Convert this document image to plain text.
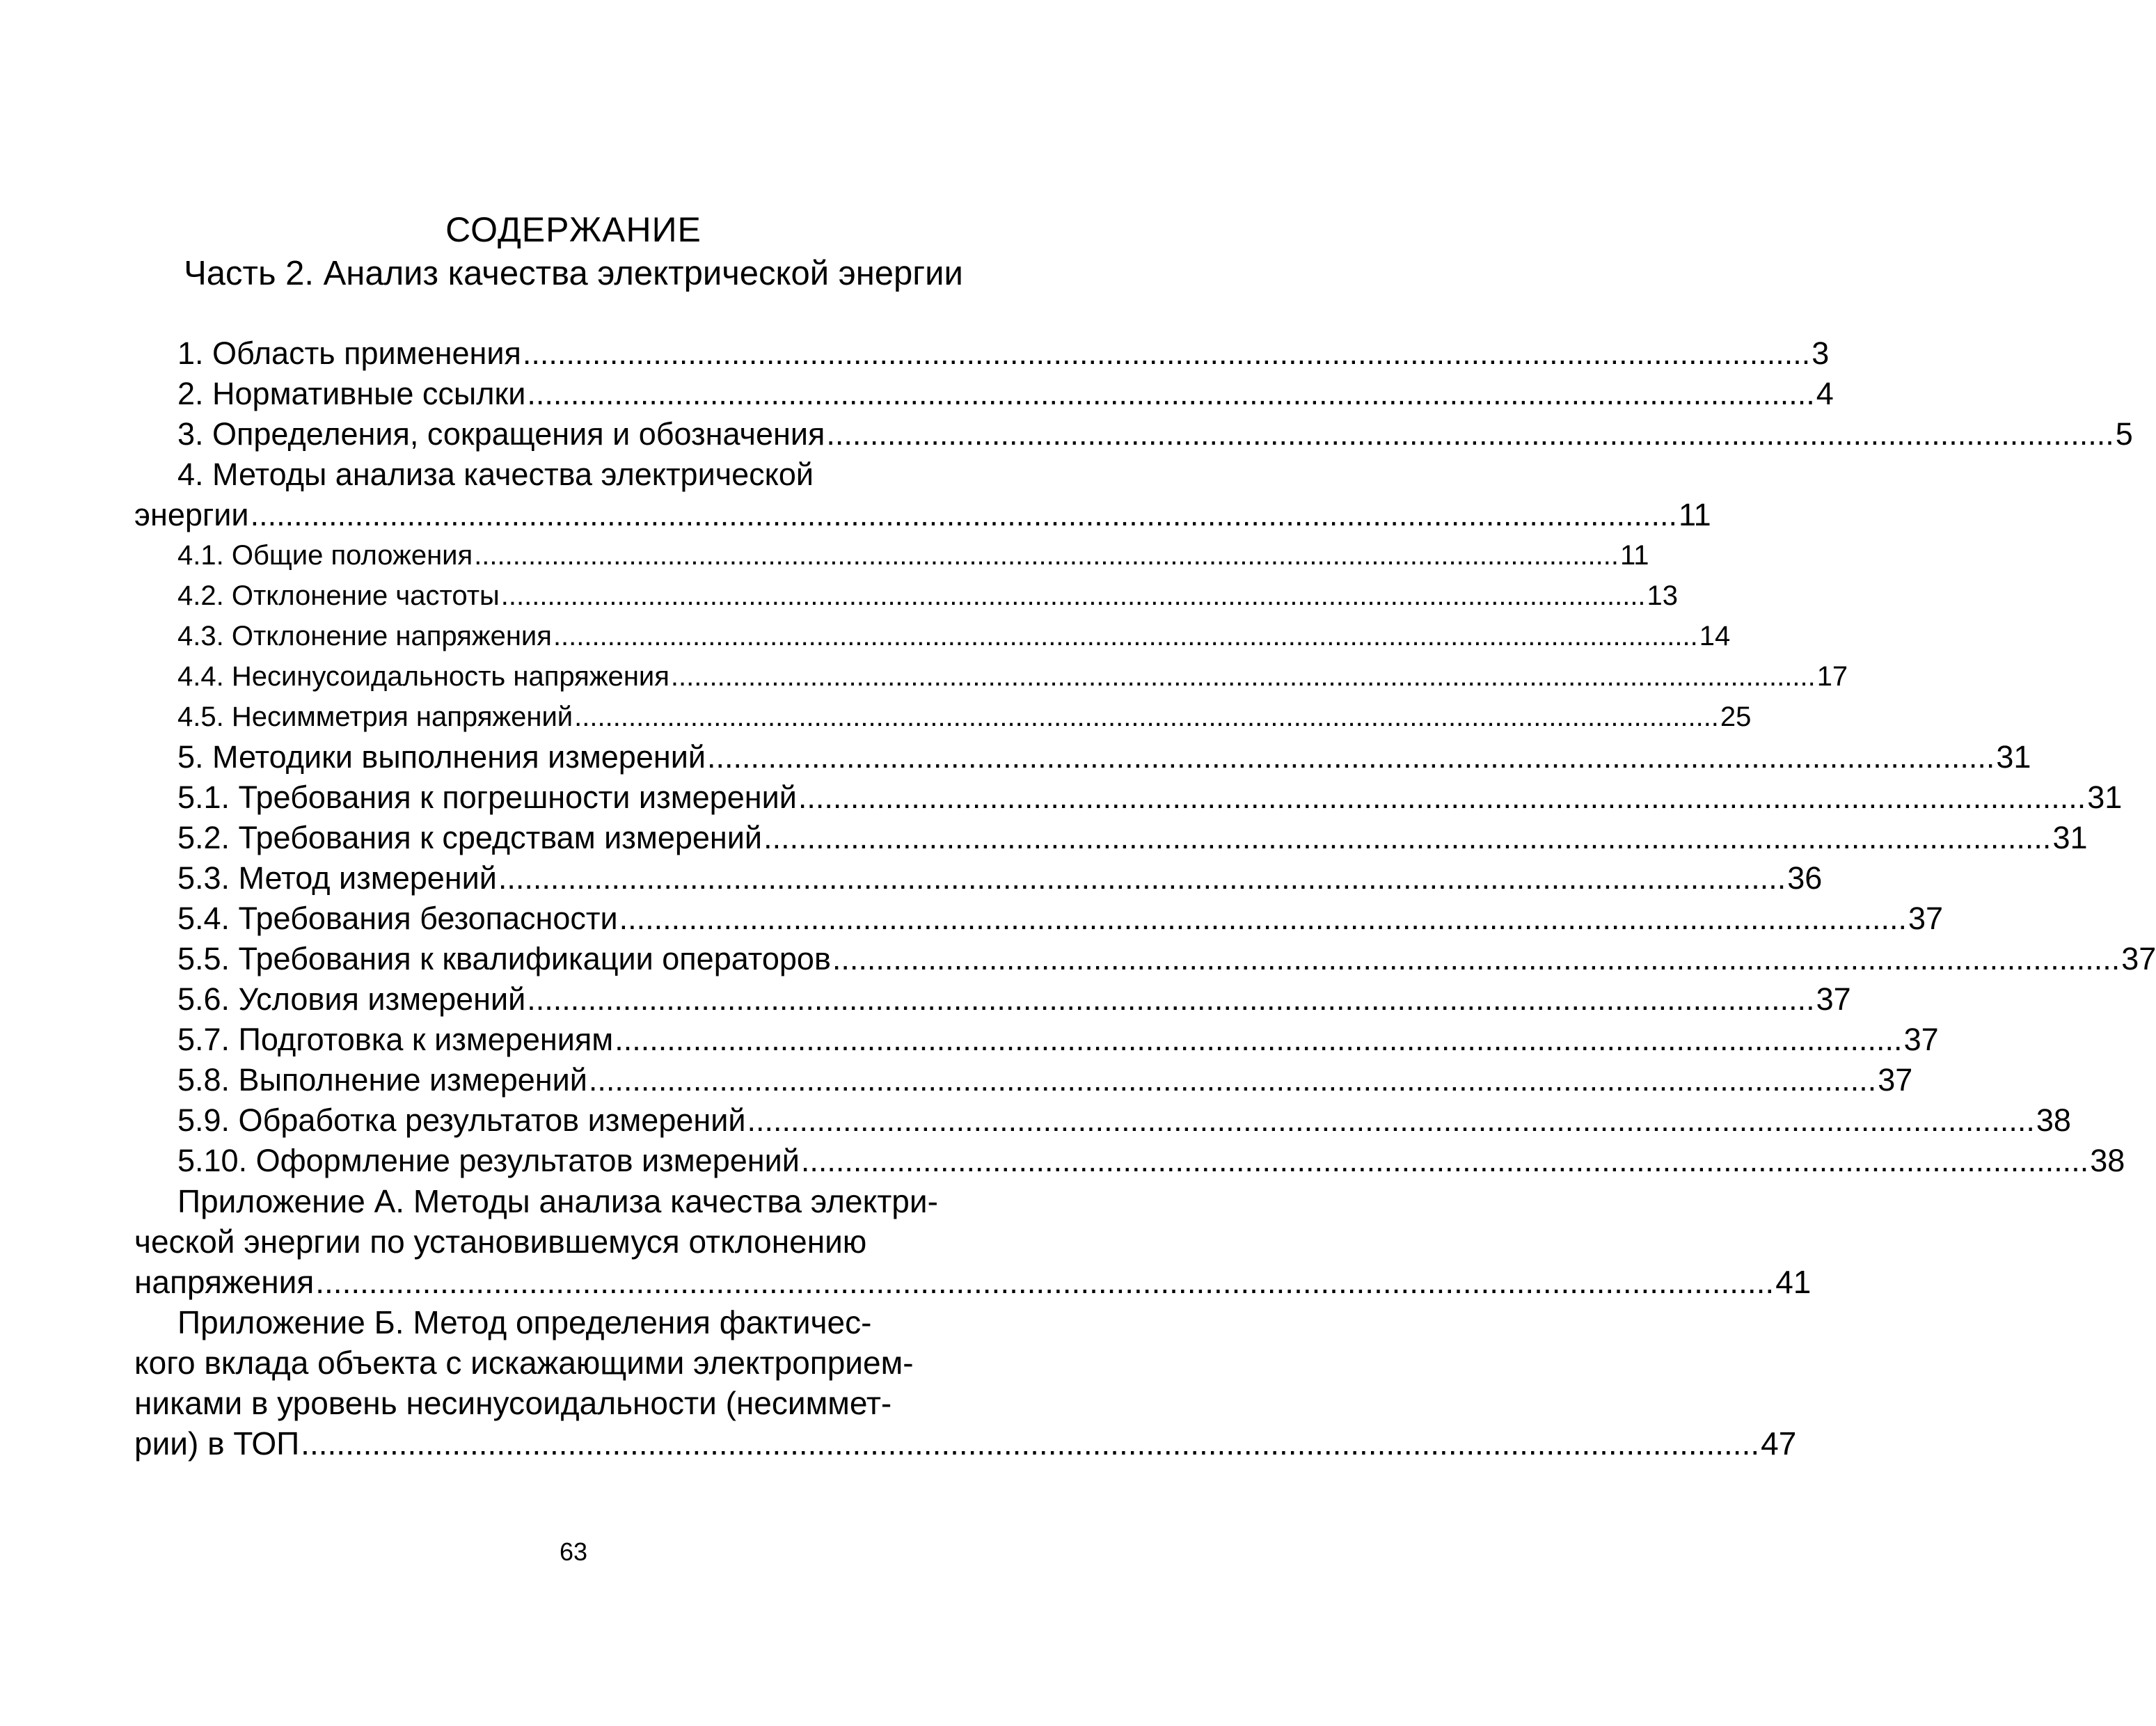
СОДЕРЖАНИЕ
Часть 2. Анализ качества электрической энергии
1. Область применения .................................................................................................................................................... 3
2. Нормативные ссылки .................................................................................................................................................... 4
3. Определения, сокращения и обозначения .................................................................................................................................................... 5
4. Методы анализа качества электрической
энергии .................................................................................................................................................................... 11
4.1. Общие положения .................................................................................................................................................... 11
4.2. Отклонение частоты .................................................................................................................................................... 13
4.3. Отклонение напряжения .................................................................................................................................................... 14
4.4. Несинусоидальность напряжения .................................................................................................................................................... 17
4.5. Несимметрия напряжений .................................................................................................................................................... 25
5. Методики выполнения измерений .................................................................................................................................................... 31
5.1. Требования к погрешности измерений .................................................................................................................................................... 31
5.2. Требования к средствам измерений .................................................................................................................................................... 31
5.3. Метод измерений .................................................................................................................................................... 36
5.4. Требования безопасности .................................................................................................................................................... 37
5.5. Требования к квалификации операторов .................................................................................................................................................... 37
5.6. Условия измерений .................................................................................................................................................... 37
5.7. Подготовка к измерениям .................................................................................................................................................... 37
5.8. Выполнение измерений .................................................................................................................................................... 37
5.9. Обработка результатов измерений .................................................................................................................................................... 38
5.10. Оформление результатов измерений .................................................................................................................................................... 38
Приложение А. Методы анализа качества электри-
ческой энергии по установившемуся отклонению
напряжения .................................................................................................................................................................... 41
Приложение Б. Метод определения фактичес-
кого вклада объекта с искажающими электроприем-
никами в уровень несинусоидальности (несиммет-
рии) в ТОП .................................................................................................................................................................... 47
63
